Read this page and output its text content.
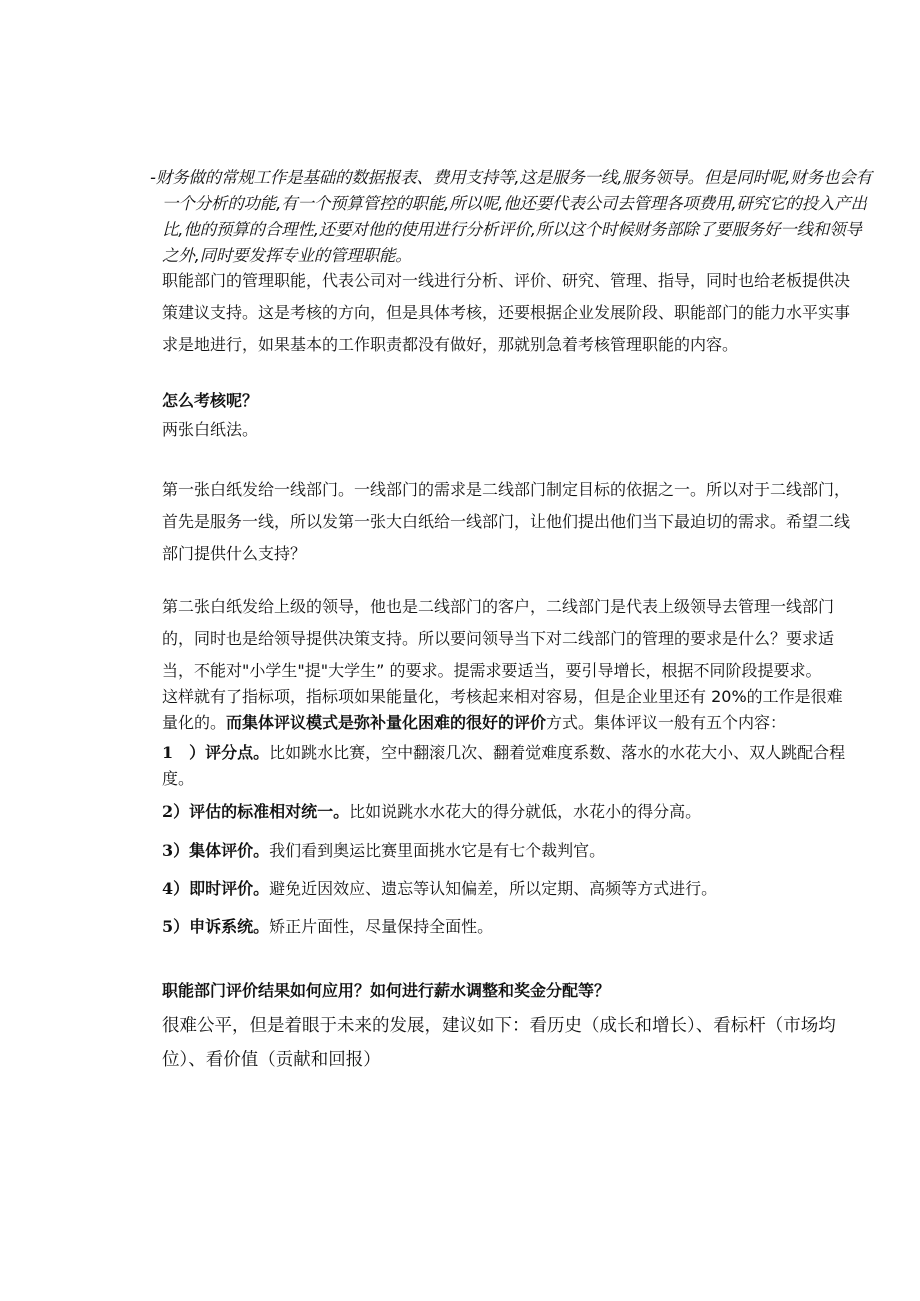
-财务做的常规工作是基础的数据报表、费用支持等,这是服务一线,服务领导。但是同时呢,财务也会有
一个分析的功能,有一个预算管控的职能,所以呢,他还要代表公司去管理各项费用,研究它的投入产出
比,他的预算的合理性,还要对他的使用进行分析评价,所以这个时候财务部除了要服务好一线和领导
之外,同时要发挥专业的管理职能。
职能部门的管理职能，代表公司对一线进行分析、评价、研究、管理、指导，同时也给老板提供决
策建议支持。这是考核的方向，但是具体考核，还要根据企业发展阶段、职能部门的能力水平实事
求是地进行，如果基本的工作职责都没有做好，那就别急着考核管理职能的内容。
怎么考核呢？
两张白纸法。
第一张白纸发给一线部门。一线部门的需求是二线部门制定目标的依据之一。所以对于二线部门，
首先是服务一线，所以发第一张大白纸给一线部门，让他们提出他们当下最迫切的需求。希望二线
部门提供什么支持？
第二张白纸发给上级的领导，他也是二线部门的客户，二线部门是代表上级领导去管理一线部门
的，同时也是给领导提供决策支持。所以要问领导当下对二线部门的管理的要求是什么？要求适
当，不能对"小学生"提"大学生” 的要求。提需求要适当，要引导增长，根据不同阶段提要求。
这样就有了指标项，指标项如果能量化，考核起来相对容易，但是企业里还有 20%的工作是很难
量化的。而集体评议模式是弥补量化困难的很好的评价方式。集体评议一般有五个内容：
1　）评分点。比如跳水比赛，空中翻滚几次、翻着觉难度系数、落水的水花大小、双人跳配合程
度。
2）评估的标准相对统一。比如说跳水水花大的得分就低，水花小的得分高。
3）集体评价。我们看到奥运比赛里面挑水它是有七个裁判官。
4）即时评价。避免近因效应、遗忘等认知偏差，所以定期、高频等方式进行。
5）申诉系统。矫正片面性，尽量保持全面性。
职能部门评价结果如何应用？如何进行薪水调整和奖金分配等？
很难公平，但是着眼于未来的发展，建议如下：看历史（成长和增长）、看标杆（市场均
位）、看价值（贡献和回报）
